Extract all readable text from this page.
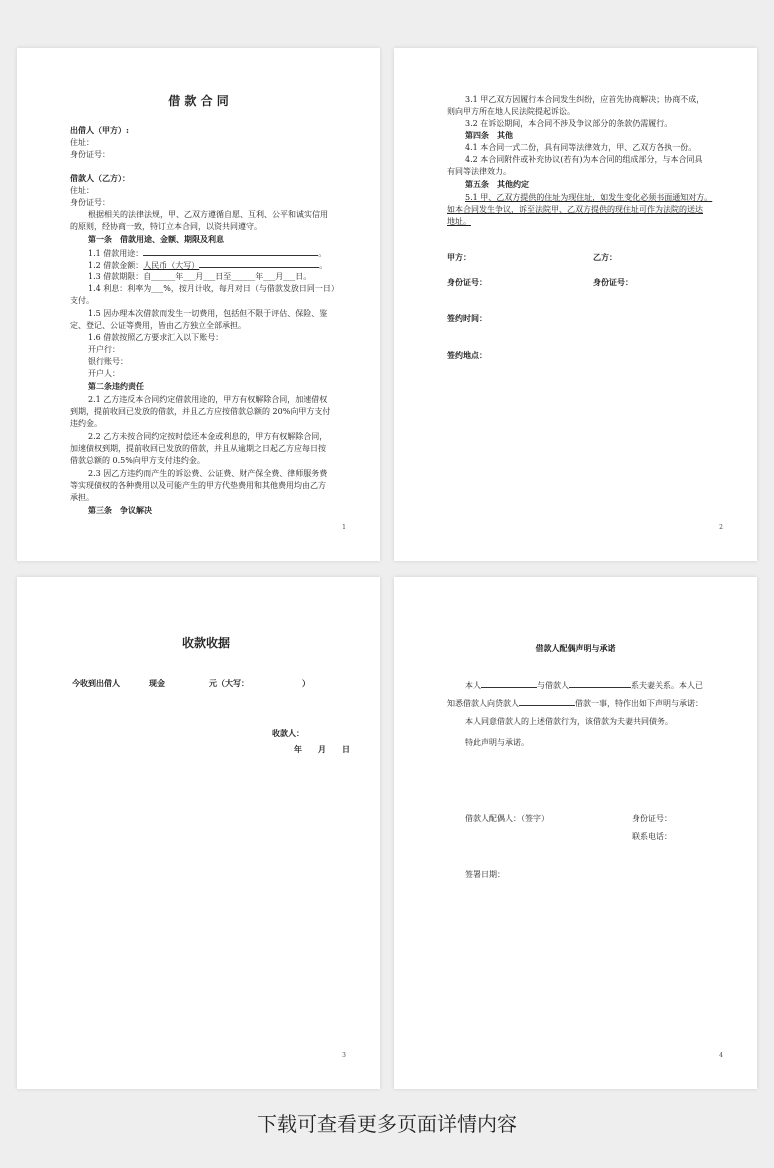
借 款 合 同
出借人（甲方）:
住址：
身份证号：
借款人（乙方）：
住址：
身份证号：
根据相关的法律法规，甲、乙双方遵循自愿、互利、公平和诚实信用
的原则，经协商一致，特订立本合同，以资共同遵守。
第一条　借款用途、金额、期限及利息
1.1 借款用途：	。
1.2 借款金额：人民币（大写）	。
1.3 借款期限：自______年___月___日至______年___月___日。
1.4 利息：利率为___%，按月计收，每月对日（与借款发放日同一日）
支付。
1.5 因办理本次借款而发生一切费用，包括但不限于评估、保险、鉴
定、登记、公证等费用，皆由乙方独立全部承担。
1.6 借款按照乙方要求汇入以下账号：
开户行：
银行账号：
开户人：
第二条违约责任
2.1 乙方违反本合同约定借款用途的，甲方有权解除合同，加速借权
到期，提前收回已发放的借款，并且乙方应按借款总额的 20%向甲方支付
违约金。
2.2 乙方未按合同约定按时偿还本金或利息的，甲方有权解除合同，
加速债权到期，提前收回已发放的借款，并且从逾期之日起乙方应每日按
借款总额的 0.5%向甲方支付违约金。
2.3 因乙方违约而产生的诉讼费、公证费、财产保全费、律师服务费
等实现债权的各种费用以及可能产生的甲方代垫费用和其他费用均由乙方
承担。
第三条　争议解决
1
3.1 甲乙双方因履行本合同发生纠纷，应首先协商解决；协商不成，
则向甲方所在地人民法院提起诉讼。
3.2 在诉讼期间，本合同不涉及争议部分的条款仍需履行。
第四条　其他
4.1 本合同一式二份，具有同等法律效力，甲、乙双方各执一份。
4.2 本合同附件或补充协议(若有)为本合同的组成部分，与本合同具
有同等法律效力。
第五条　其他约定
5.1 甲、乙双方提供的住址为现住址，如发生变化必须书面通知对方。
如本合同发生争议，诉至法院甲、乙双方提供的现住址可作为法院的送达
地址。
甲方：	乙方：
身份证号：	身份证号：
签约时间：
签约地点：
2
收款收据
今收到出借人	现金	元（大写：	）
收款人：
年　　月　　日
3
借款人配偶声明与承诺
本人	与借款人	系夫妻关系。本人已
知悉借款人向贷款人	借款一事，特作出如下声明与承诺：
本人同意借款人的上述借款行为，该借款为夫妻共同债务。
特此声明与承诺。
借款人配偶人：（签字）	身份证号：
联系电话：
签署日期：
4
下载可查看更多页面详情内容
